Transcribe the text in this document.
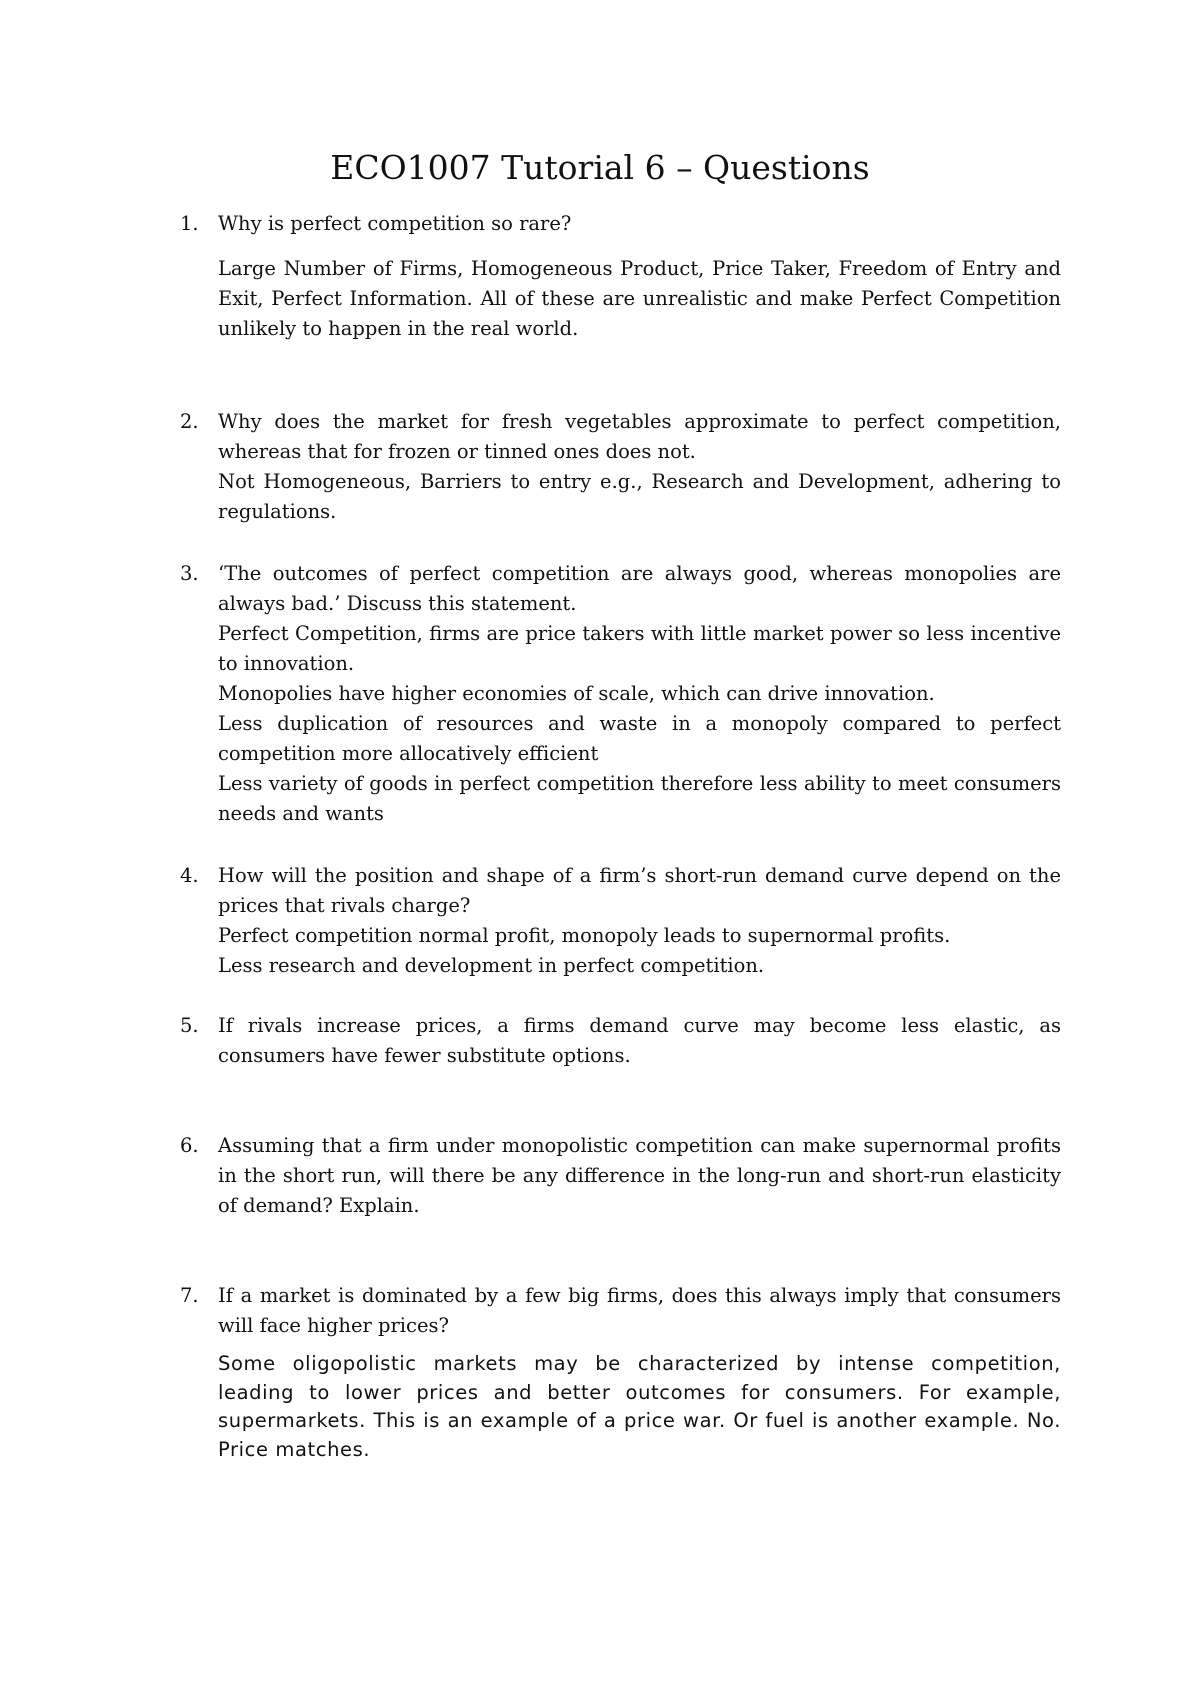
ECO1007 Tutorial 6 – Questions
1. Why is perfect competition so rare?

Large Number of Firms, Homogeneous Product, Price Taker, Freedom of Entry and Exit, Perfect Information. All of these are unrealistic and make Perfect Competition unlikely to happen in the real world.

2. Why does the market for fresh vegetables approximate to perfect competition, whereas that for frozen or tinned ones does not.

Not Homogeneous, Barriers to entry e.g., Research and Development, adhering to regulations.

3. ‘The outcomes of perfect competition are always good, whereas monopolies are always bad.’ Discuss this statement.

Perfect Competition, firms are price takers with little market power so less incentive to innovation.

Monopolies have higher economies of scale, which can drive innovation.

Less duplication of resources and waste in a monopoly compared to perfect competition more allocatively efficient

Less variety of goods in perfect competition therefore less ability to meet consumers needs and wants

4. How will the position and shape of a firm’s short-run demand curve depend on the prices that rivals charge?

Perfect competition normal profit, monopoly leads to supernormal profits.

Less research and development in perfect competition.

5. If rivals increase prices, a firms demand curve may become less elastic, as consumers have fewer substitute options.

6. Assuming that a firm under monopolistic competition can make supernormal profits in the short run, will there be any difference in the long-run and short-run elasticity of demand? Explain.

7. If a market is dominated by a few big firms, does this always imply that consumers will face higher prices?

Some oligopolistic markets may be characterized by intense competition, leading to lower prices and better outcomes for consumers. For example, supermarkets. This is an example of a price war. Or fuel is another example. No. Price matches.
